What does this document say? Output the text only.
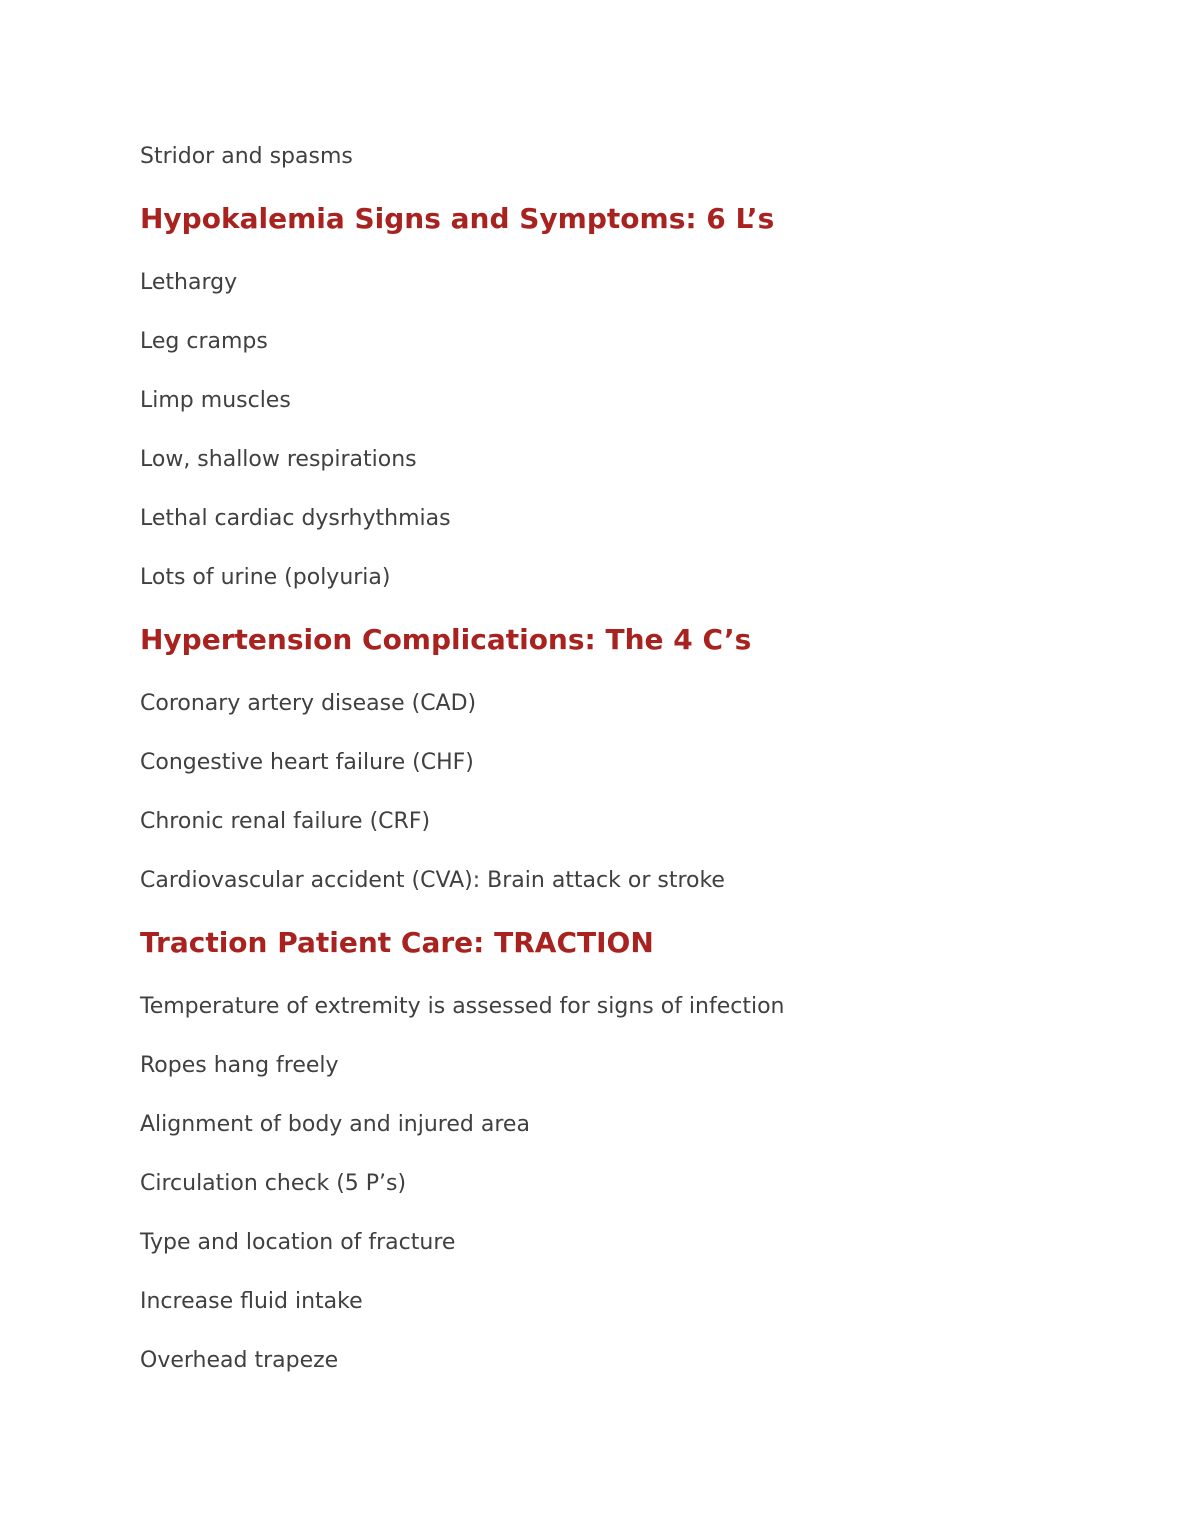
Stridor and spasms

Hypokalemia Signs and Symptoms: 6 L’s

Lethargy

Leg cramps

Limp muscles

Low, shallow respirations

Lethal cardiac dysrhythmias

Lots of urine (polyuria)

Hypertension Complications: The 4 C’s

Coronary artery disease (CAD)

Congestive heart failure (CHF)

Chronic renal failure (CRF)

Cardiovascular accident (CVA): Brain attack or stroke

Traction Patient Care: TRACTION

Temperature of extremity is assessed for signs of infection

Ropes hang freely

Alignment of body and injured area

Circulation check (5 P’s)

Type and location of fracture

Increase fluid intake

Overhead trapeze
